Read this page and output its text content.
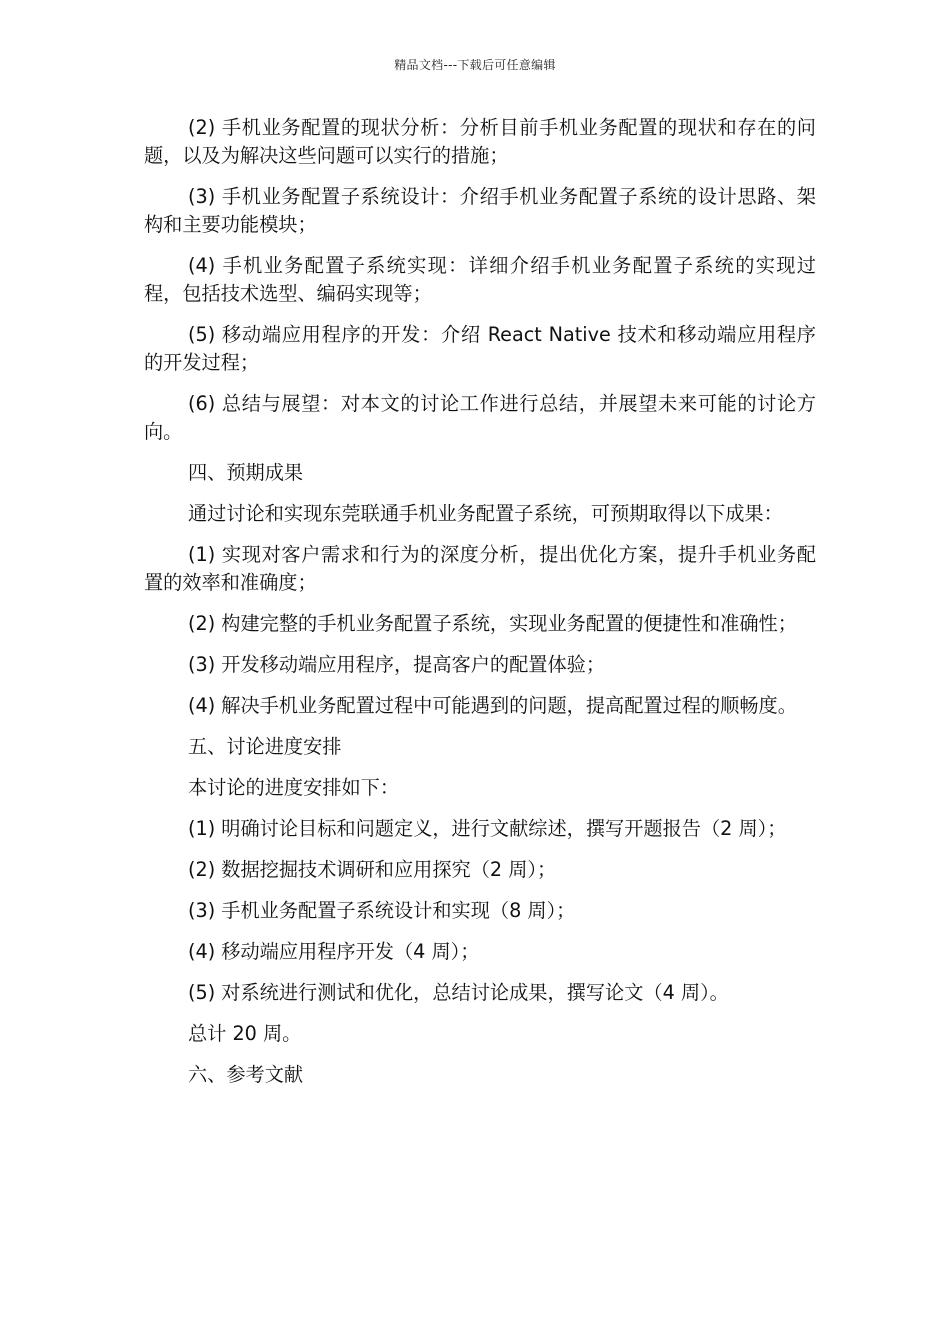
精品文档---下载后可任意编辑

(2) 手机业务配置的现状分析：分析目前手机业务配置的现状和存在的问题，以及为解决这些问题可以实行的措施；

(3) 手机业务配置子系统设计：介绍手机业务配置子系统的设计思路、架构和主要功能模块；

(4) 手机业务配置子系统实现：详细介绍手机业务配置子系统的实现过程，包括技术选型、编码实现等；

(5) 移动端应用程序的开发：介绍 React Native 技术和移动端应用程序的开发过程；

(6) 总结与展望：对本文的讨论工作进行总结，并展望未来可能的讨论方向。

四、预期成果

通过讨论和实现东莞联通手机业务配置子系统，可预期取得以下成果：

(1) 实现对客户需求和行为的深度分析，提出优化方案，提升手机业务配置的效率和准确度；

(2) 构建完整的手机业务配置子系统，实现业务配置的便捷性和准确性；

(3) 开发移动端应用程序，提高客户的配置体验；

(4) 解决手机业务配置过程中可能遇到的问题，提高配置过程的顺畅度。

五、讨论进度安排

本讨论的进度安排如下：

(1) 明确讨论目标和问题定义，进行文献综述，撰写开题报告（2 周）；

(2) 数据挖掘技术调研和应用探究（2 周）；

(3) 手机业务配置子系统设计和实现（8 周）；

(4) 移动端应用程序开发（4 周）；

(5) 对系统进行测试和优化，总结讨论成果，撰写论文（4 周）。

总计 20 周。

六、参考文献
